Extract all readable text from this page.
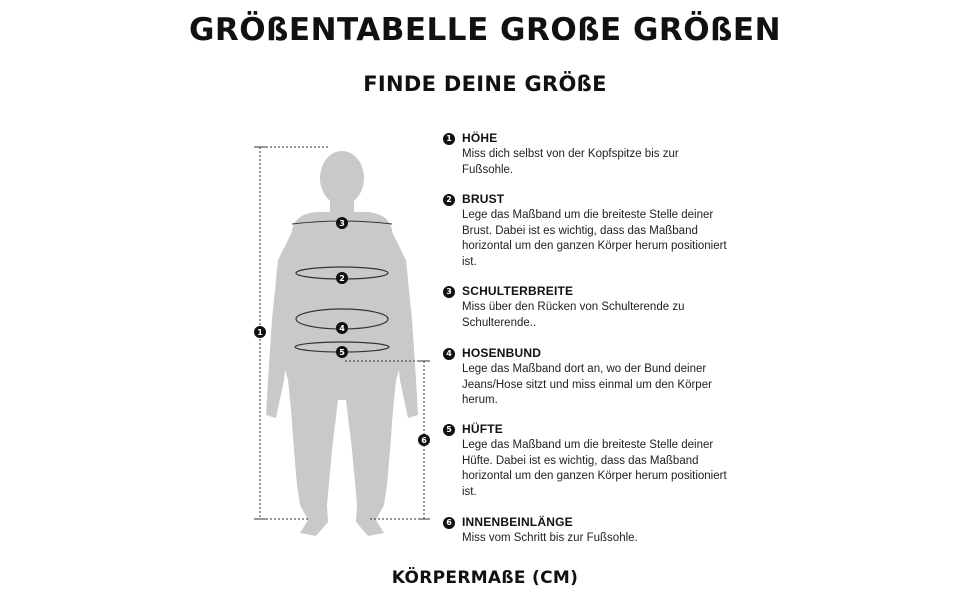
GRÖßENTABELLE GROßE GRÖßEN
FINDE DEINE GRÖßE
1
2
3
4
5
6
1 HÖHE
Miss dich selbst von der Kopfspitze bis zur Fußsohle.
2 BRUST
Lege das Maßband um die breiteste Stelle deiner Brust. Dabei ist es wichtig, dass das Maßband horizontal um den ganzen Körper herum positioniert ist.
3 SCHULTERBREITE
Miss über den Rücken von Schulterende zu Schulterende..
4 HOSENBUND
Lege das Maßband dort an, wo der Bund deiner Jeans/Hose sitzt und miss einmal um den Körper herum.
5 HÜFTE
Lege das Maßband um die breiteste Stelle deiner Hüfte. Dabei ist es wichtig, dass das Maßband horizontal um den ganzen Körper herum positioniert ist.
6 INNENBEINLÄNGE
Miss vom Schritt bis zur Fußsohle.
KÖRPERMAßE (CM)
